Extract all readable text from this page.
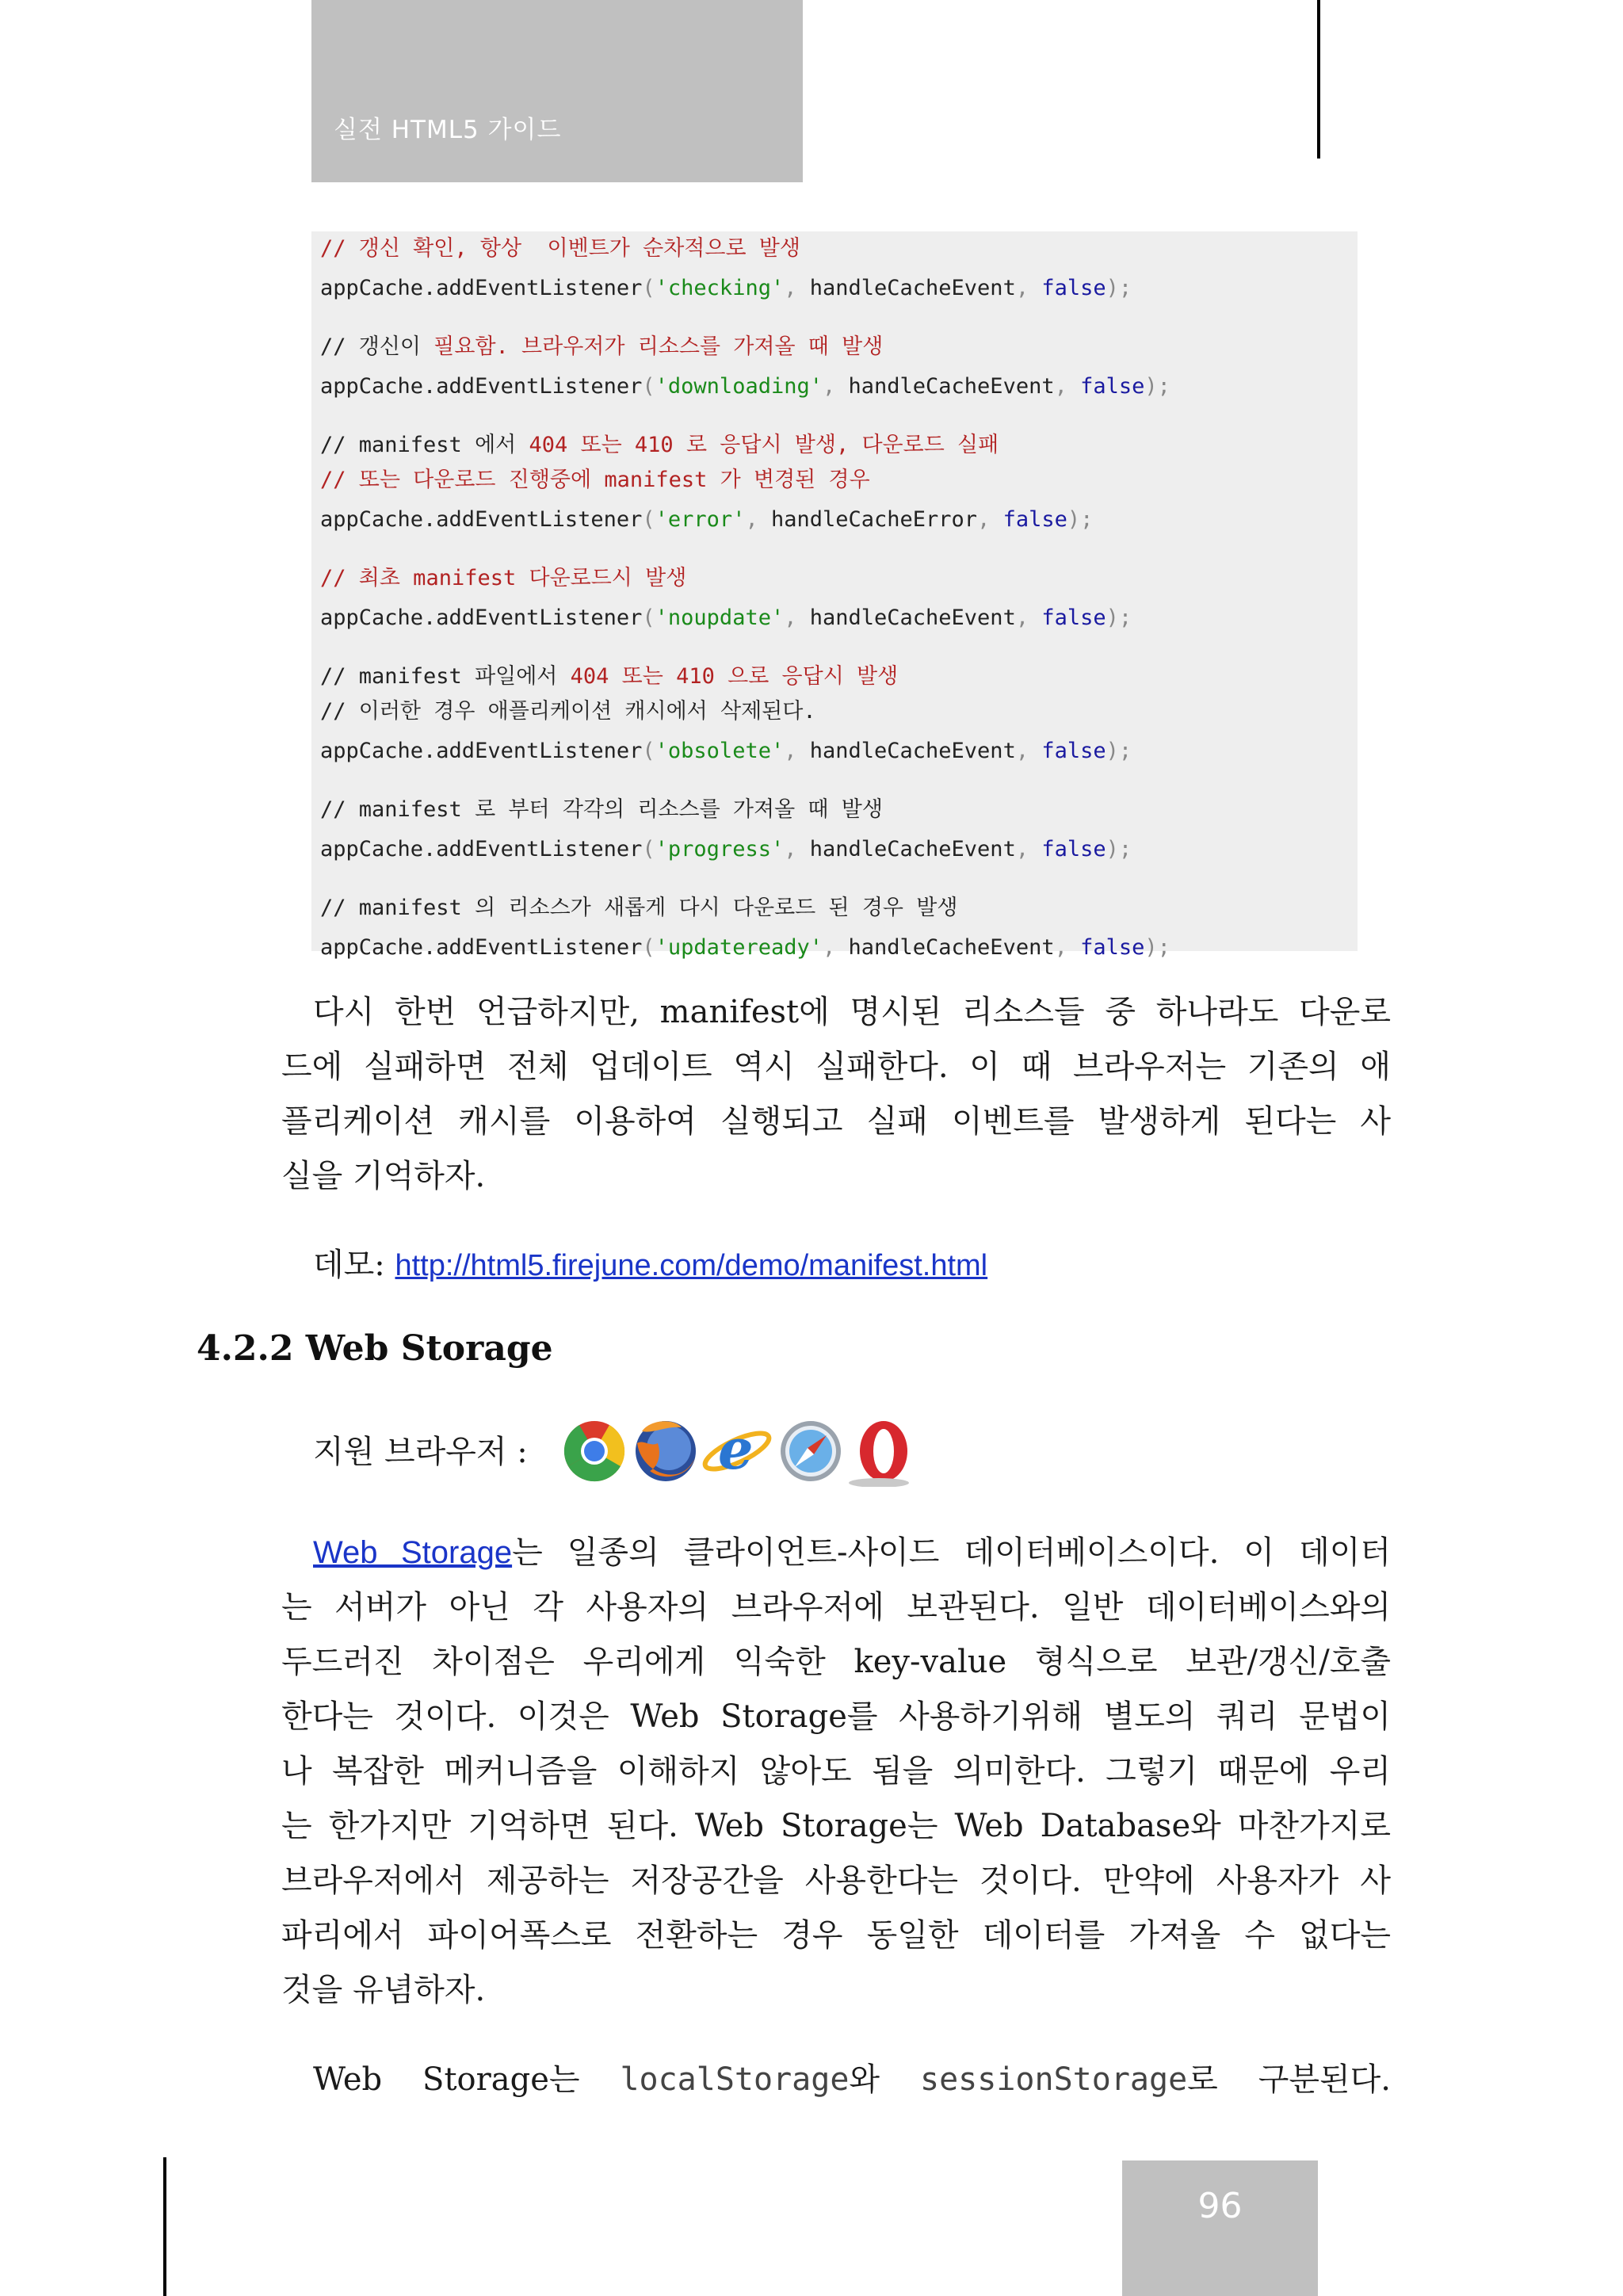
실전 HTML5 가이드
// 갱신 확인, 항상  이벤트가 순차적으로 발생
appCache.addEventListener('checking', handleCacheEvent, false);
// 갱신이 필요함. 브라우저가 리소스를 가져올 때 발생
appCache.addEventListener('downloading', handleCacheEvent, false);
// manifest 에서 404 또는 410 로 응답시 발생, 다운로드 실패
// 또는 다운로드 진행중에 manifest 가 변경된 경우
appCache.addEventListener('error', handleCacheError, false);
// 최초 manifest 다운로드시 발생
appCache.addEventListener('noupdate', handleCacheEvent, false);
// manifest 파일에서 404 또는 410 으로 응답시 발생
// 이러한 경우 애플리케이션 캐시에서 삭제된다.
appCache.addEventListener('obsolete', handleCacheEvent, false);
// manifest 로 부터 각각의 리소스를 가져올 때 발생
appCache.addEventListener('progress', handleCacheEvent, false);
// manifest 의 리소스가 새롭게 다시 다운로드 된 경우 발생
appCache.addEventListener('updateready', handleCacheEvent, false);
다시 한번 언급하지만, manifest에 명시된 리소스들 중 하나라도 다운로
드에 실패하면 전체 업데이트 역시 실패한다. 이 때 브라우저는 기존의 애
플리케이션 캐시를 이용하여 실행되고 실패 이벤트를 발생하게 된다는 사
실을 기억하자.
데모: http://html5.firejune.com/demo/manifest.html
4.2.2 Web Storage
지원 브라우저 :	e
Web Storage는 일종의 클라이언트-사이드 데이터베이스이다. 이 데이터
는 서버가 아닌 각 사용자의 브라우저에 보관된다. 일반 데이터베이스와의
두드러진 차이점은 우리에게 익숙한 key-value 형식으로 보관/갱신/호출
한다는 것이다. 이것은 Web Storage를 사용하기위해 별도의 쿼리 문법이
나 복잡한 메커니즘을 이해하지 않아도 됨을 의미한다. 그렇기 때문에 우리
는 한가지만 기억하면 된다. Web Storage는 Web Database와 마찬가지로
브라우저에서 제공하는 저장공간을 사용한다는 것이다. 만약에 사용자가 사
파리에서 파이어폭스로 전환하는 경우 동일한 데이터를 가져올 수 없다는
것을 유념하자.
Web Storage는 localStorage와 sessionStorage로 구분된다.
96
